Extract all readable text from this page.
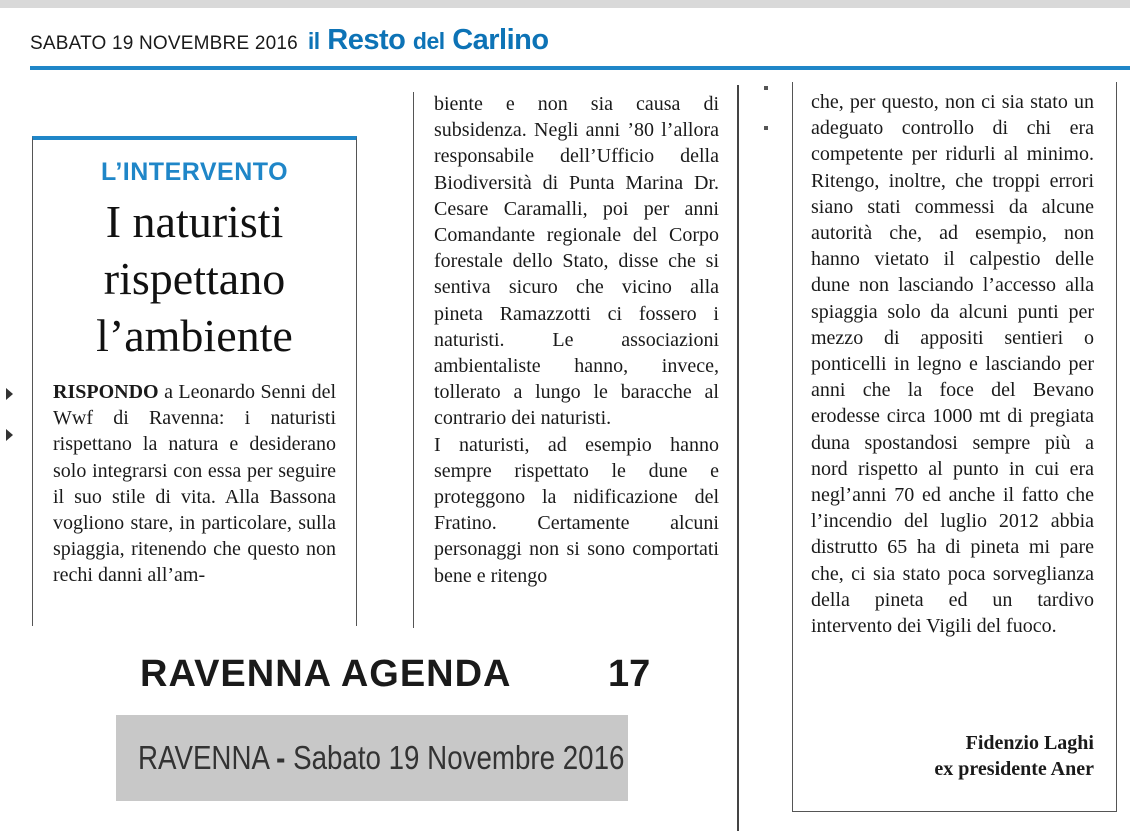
SABATO 19 NOVEMBRE 2016 il Resto del Carlino
L’INTERVENTO
I naturisti
rispettano
l’ambiente
RISPONDO a Leonardo Senni del Wwf di Ravenna: i naturisti rispettano la natura e desiderano solo integrarsi con essa per seguire il suo stile di vita. Alla Bassona vogliono stare, in particolare, sulla spiaggia, ritenendo che questo non rechi danni all’am-
biente e non sia causa di subsidenza. Negli anni ’80 l’allora responsabile dell’Ufficio della Biodiversità di Punta Marina Dr. Cesare Caramalli, poi per anni Comandante regionale del Corpo forestale dello Stato, disse che si sentiva sicuro che vicino alla pineta Ramazzotti ci fossero i naturisti. Le associazioni ambientaliste hanno, invece, tollerato a lungo le baracche al contrario dei naturisti.
I naturisti, ad esempio hanno sempre rispettato le dune e proteggono la nidificazione del Fratino. Certamente alcuni personaggi non si sono comportati bene e ritengo
che, per questo, non ci sia stato un adeguato controllo di chi era competente per ridurli al minimo. Ritengo, inoltre, che troppi errori siano stati commessi da alcune autorità che, ad esempio, non hanno vietato il calpestio delle dune non lasciando l’accesso alla spiaggia solo da alcuni punti per mezzo di appositi sentieri o ponticelli in legno e lasciando per anni che la foce del Bevano erodesse circa 1000 mt di pregiata duna spostandosi sempre più a nord rispetto al punto in cui era negl’anni 70 ed anche il fatto che l’incendio del luglio 2012 abbia distrutto 65 ha di pineta mi pare che, ci sia stato poca sorveglianza della pineta ed un tardivo intervento dei Vigili del fuoco.
Fidenzio Laghi
ex presidente Aner
RAVENNA AGENDA	17
RAVENNA - Sabato 19 Novembre 2016
